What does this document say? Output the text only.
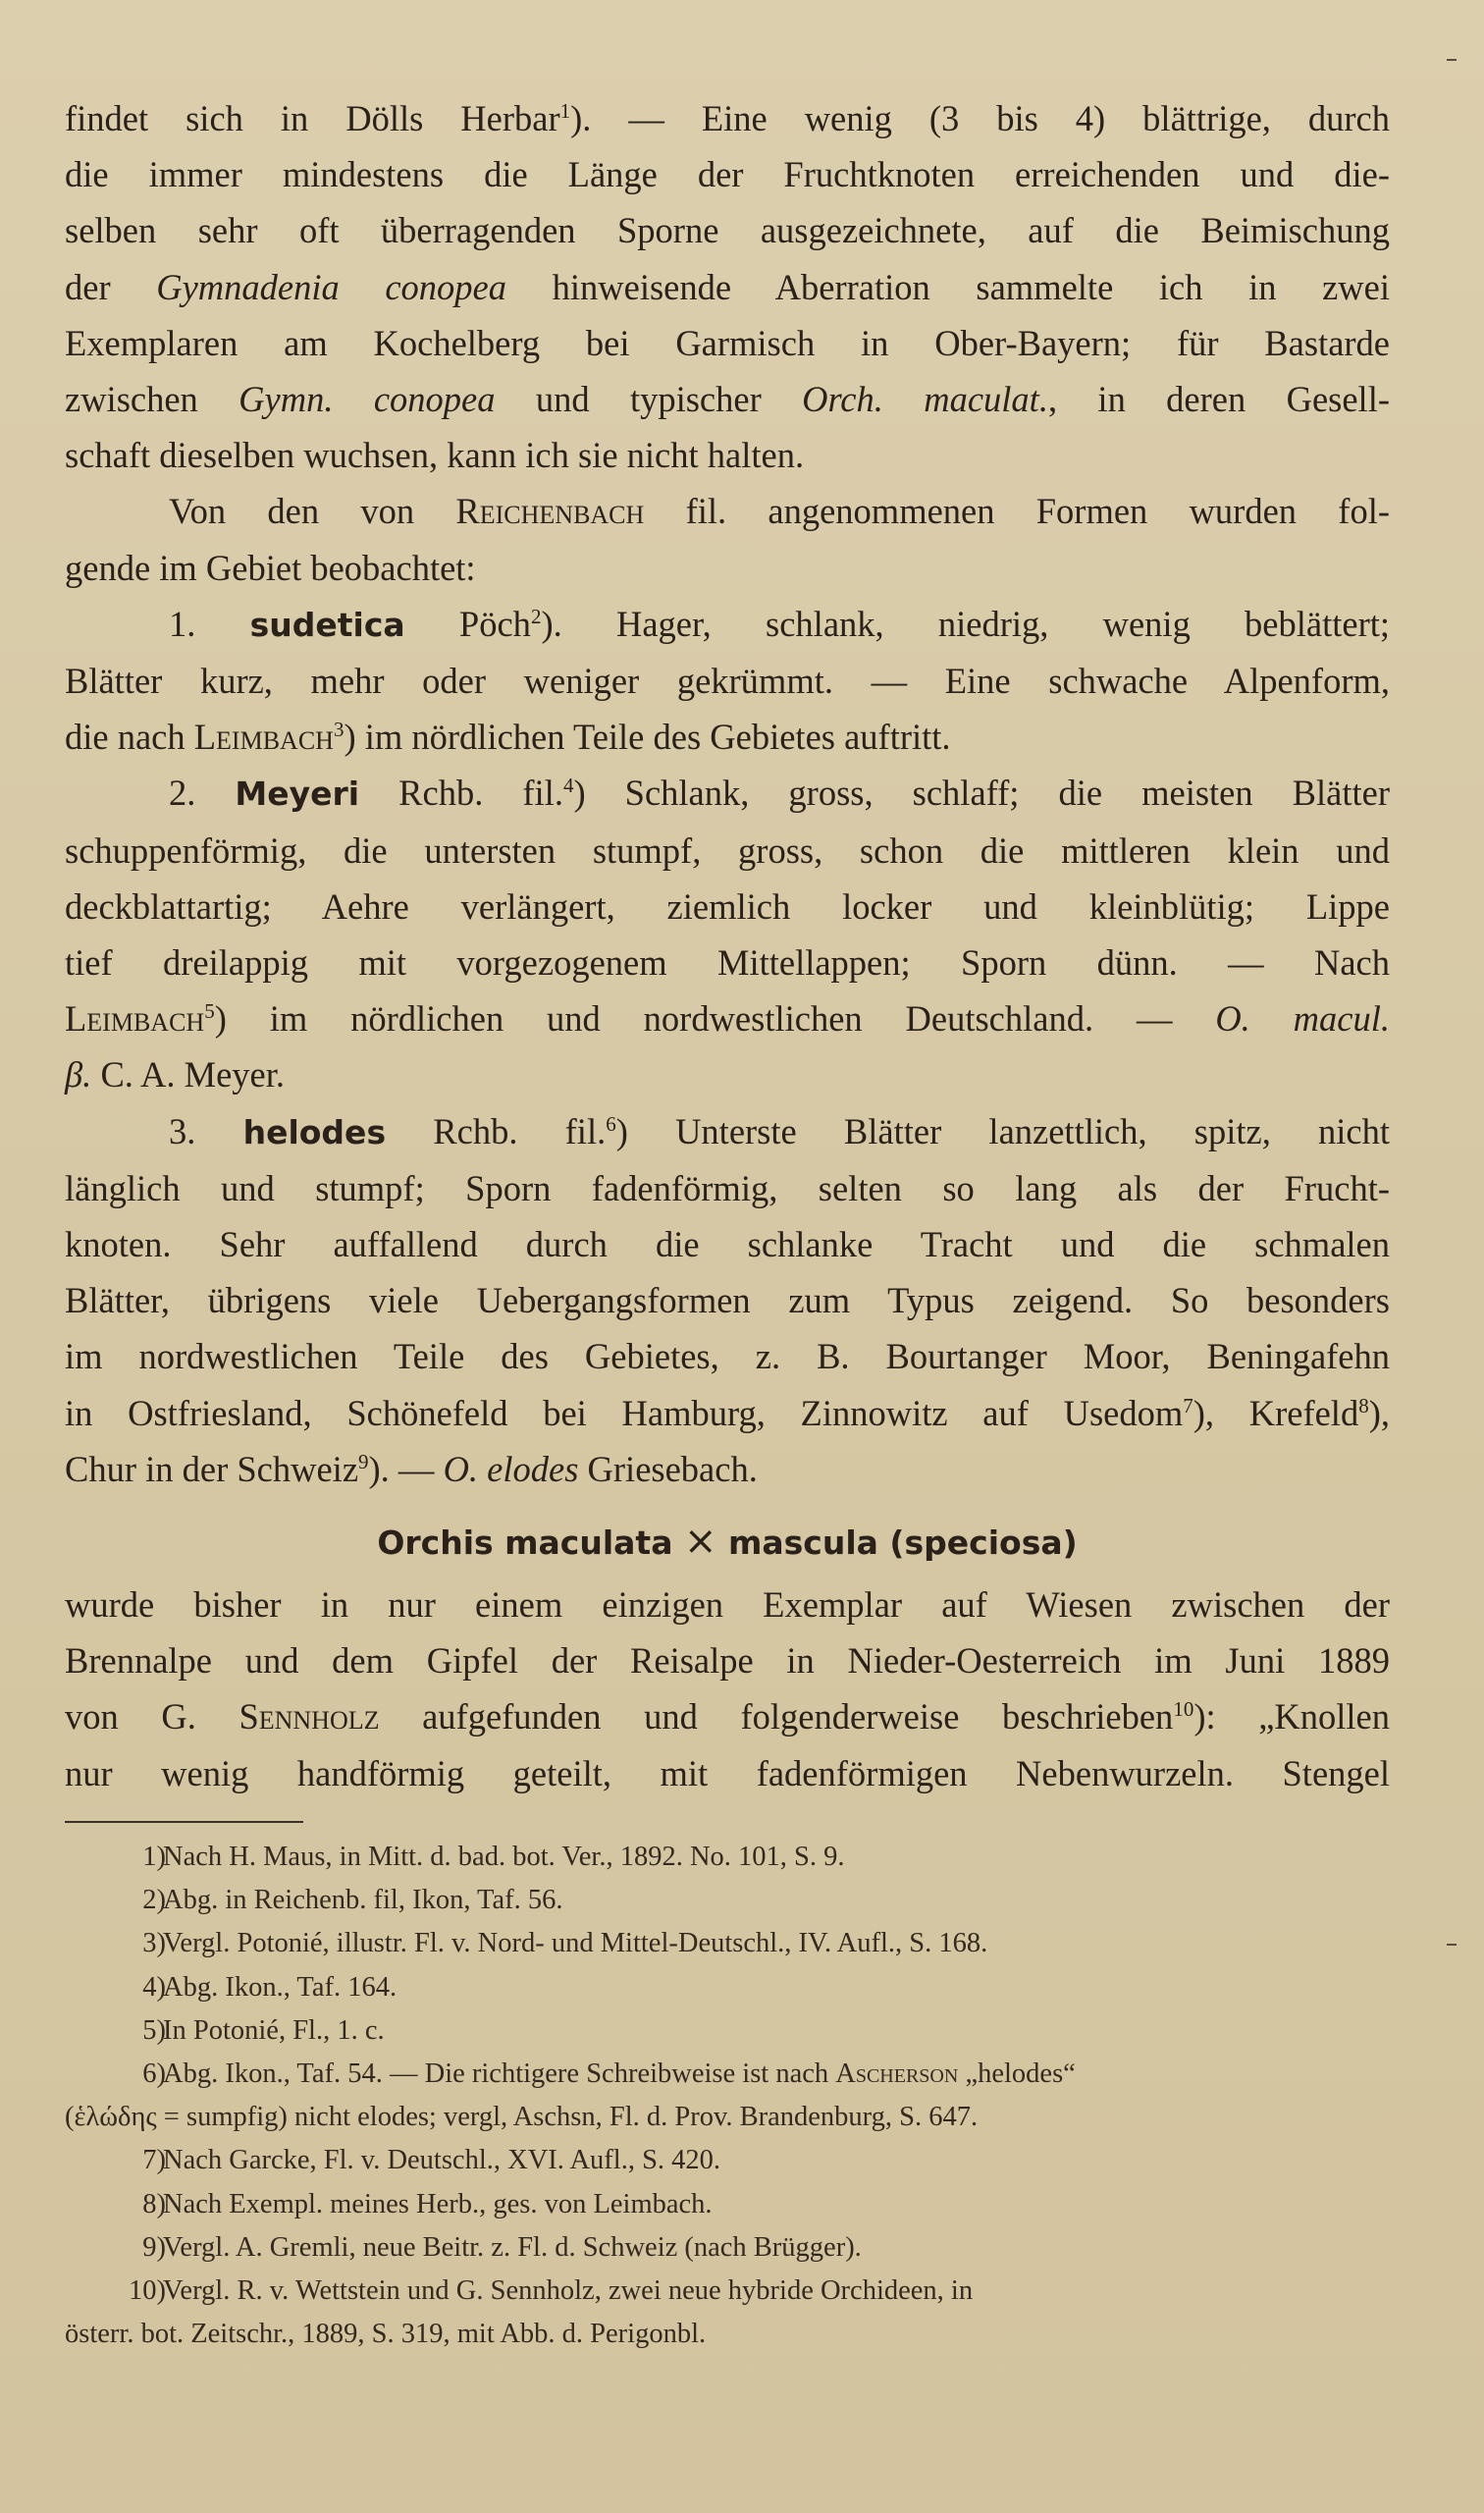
findet sich in Dölls Herbar$^1$). — Eine wenig (3 bis 4) blättrige, durch
die immer mindestens die Länge der Fruchtknoten erreichenden und die-
selben sehr oft überragenden Sporne ausgezeichnete, auf die Beimischung
der Gymnadenia conopea hinweisende Aberration sammelte ich in zwei
Exemplaren am Kochelberg bei Garmisch in Ober-Bayern; für Bastarde
zwischen Gymn. conopea und typischer Orch. maculat., in deren Gesell-
schaft dieselben wuchsen, kann ich sie nicht halten.
Von den von Reichenbach fil. angenommenen Formen wurden fol-
gende im Gebiet beobachtet:
1. sudetica Pöch$^2$). Hager, schlank, niedrig, wenig beblättert;
Blätter kurz, mehr oder weniger gekrümmt. — Eine schwache Alpenform,
die nach Leimbach$^3$) im nördlichen Teile des Gebietes auftritt.
2. Meyeri Rchb. fil.$^4$) Schlank, gross, schlaff; die meisten Blätter
schuppenförmig, die untersten stumpf, gross, schon die mittleren klein und
deckblattartig; Aehre verlängert, ziemlich locker und kleinblütig; Lippe
tief dreilappig mit vorgezogenem Mittellappen; Sporn dünn. — Nach
Leimbach$^5$) im nördlichen und nordwestlichen Deutschland. — O. macul.
β. C. A. Meyer.
3. helodes Rchb. fil.$^6$) Unterste Blätter lanzettlich, spitz, nicht
länglich und stumpf; Sporn fadenförmig, selten so lang als der Frucht-
knoten. Sehr auffallend durch die schlanke Tracht und die schmalen
Blätter, übrigens viele Uebergangsformen zum Typus zeigend. So besonders
im nordwestlichen Teile des Gebietes, z. B. Bourtanger Moor, Beningafehn
in Ostfriesland, Schönefeld bei Hamburg, Zinnowitz auf Usedom$^7$), Krefeld$^8$),
Chur in der Schweiz$^9$). — O. elodes Griesebach.
Orchis maculata × mascula (speciosa)
wurde bisher in nur einem einzigen Exemplar auf Wiesen zwischen der
Brennalpe und dem Gipfel der Reisalpe in Nieder-Oesterreich im Juni 1889
von G. Sennholz aufgefunden und folgenderweise beschrieben$^{10}$): „Knollen
nur wenig handförmig geteilt, mit fadenförmigen Nebenwurzeln. Stengel
1)
Nach H. Maus, in Mitt. d. bad. bot. Ver., 1892. No. 101, S. 9.
2)
Abg. in Reichenb. fil, Ikon, Taf. 56.
3)
Vergl. Potonié, illustr. Fl. v. Nord- und Mittel-Deutschl., IV. Aufl., S. 168.
4)
Abg. Ikon., Taf. 164.
5)
In Potonié, Fl., 1. c.
6)
Abg. Ikon., Taf. 54. — Die richtigere Schreibweise ist nach Ascherson „helodes“
(ἑλώδης = sumpfig) nicht elodes; vergl, Aschsn, Fl. d. Prov. Brandenburg, S. 647.
7)
Nach Garcke, Fl. v. Deutschl., XVI. Aufl., S. 420.
8)
Nach Exempl. meines Herb., ges. von Leimbach.
9)
Vergl. A. Gremli, neue Beitr. z. Fl. d. Schweiz (nach Brügger).
10)
Vergl. R. v. Wettstein und G. Sennholz, zwei neue hybride Orchideen, in
österr. bot. Zeitschr., 1889, S. 319, mit Abb. d. Perigonbl.
